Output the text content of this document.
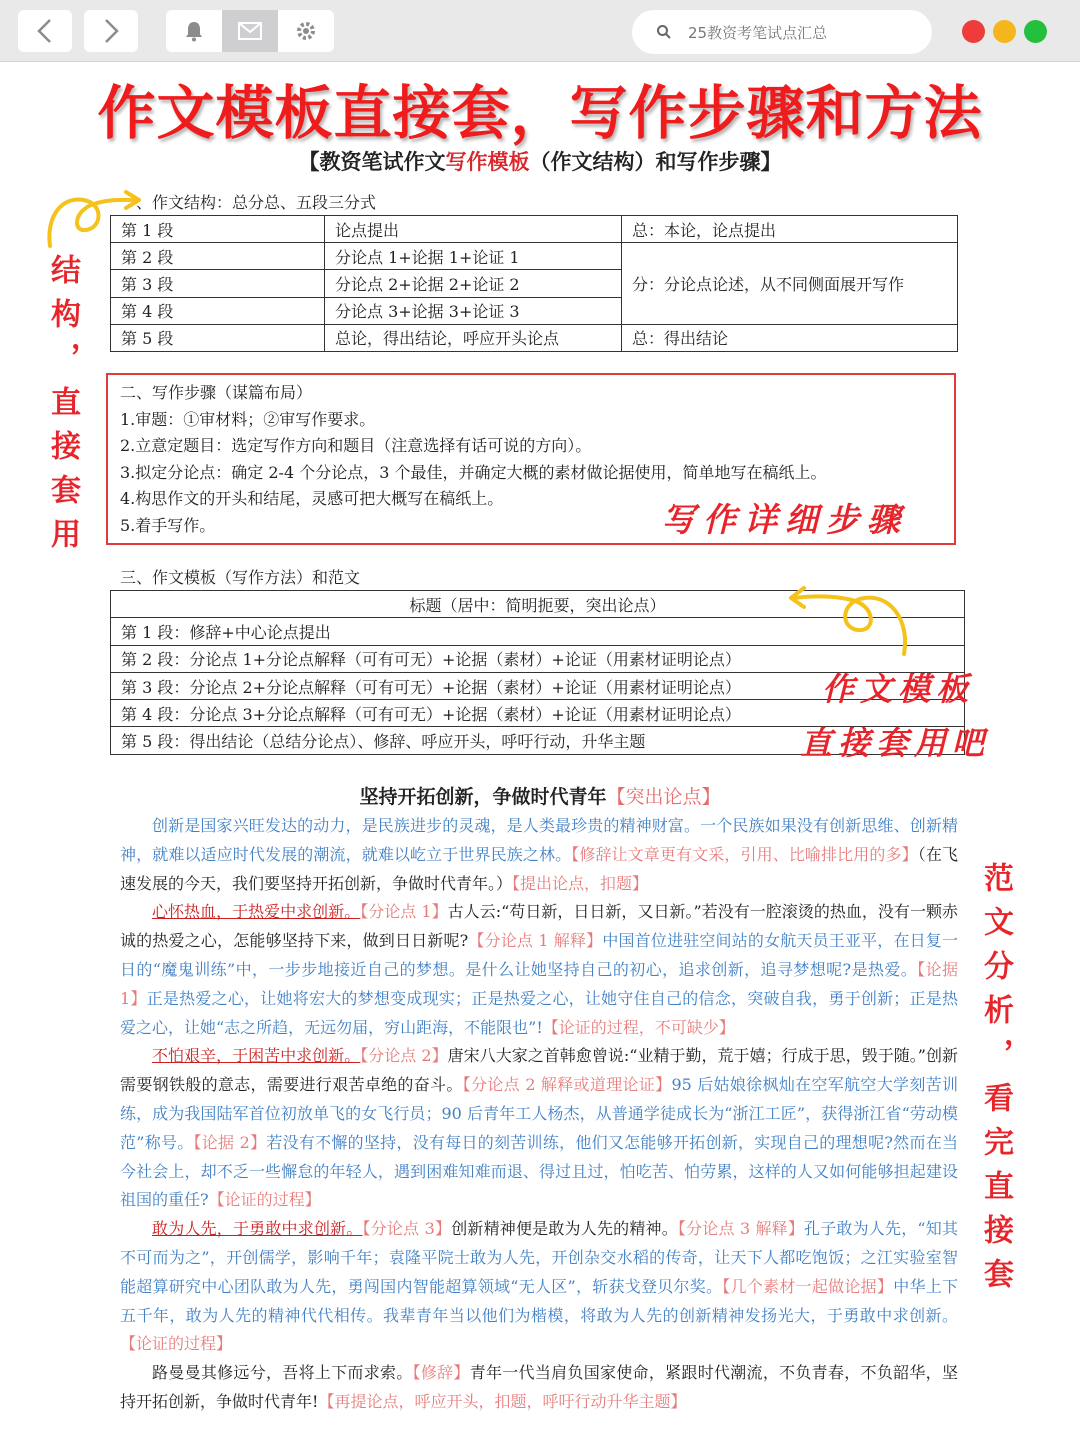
25教资考笔试点汇总
作文模板直接套，写作步骤和方法
【教资笔试作文写作模板（作文结构）和写作步骤】
、作文结构：总分总、五段三分式
第 1 段	论点提出	总：本论，论点提出
第 2 段	分论点 1+论据 1+论证 1	分：分论点论述，从不同侧面展开写作
第 3 段	分论点 2+论据 2+论证 2	
第 4 段	分论点 3+论据 3+论证 3	
第 5 段	总论，得出结论，呼应开头论点	总：得出结论
二、写作步骤（谋篇布局）
1.审题：①审材料；②审写作要求。
2.立意定题目：选定写作方向和题目（注意选择有话可说的方向）。
3.拟定分论点：确定 2-4 个分论点，3 个最佳，并确定大概的素材做论据使用，简单地写在稿纸上。
4.构思作文的开头和结尾，灵感可把大概写在稿纸上。
5.着手写作。
三、作文模板（写作方法）和范文
标题（居中：简明扼要，突出论点）
第 1 段：修辞+中心论点提出
第 2 段：分论点 1+分论点解释（可有可无）+论据（素材）+论证（用素材证明论点）
第 3 段：分论点 2+分论点解释（可有可无）+论据（素材）+论证（用素材证明论点）
第 4 段：分论点 3+分论点解释（可有可无）+论据（素材）+论证（用素材证明论点）
第 5 段：得出结论（总结分论点）、修辞、呼应开头，呼吁行动，升华主题
坚持开拓创新，争做时代青年【突出论点】

创新是国家兴旺发达的动力，是民族进步的灵魂，是人类最珍贵的精神财富。一个民族如果没有创新思维、创新精神，就难以适应时代发展的潮流，就难以屹立于世界民族之林。【修辞让文章更有文采，引用、比喻排比用的多】（在飞速发展的今天，我们要坚持开拓创新，争做时代青年。）【提出论点，扣题】

心怀热血，于热爱中求创新。【分论点 1】古人云:“苟日新，日日新，又日新。”若没有一腔滚烫的热血，没有一颗赤诚的热爱之心，怎能够坚持下来，做到日日新呢?【分论点 1 解释】中国首位进驻空间站的女航天员王亚平，在日复一日的“魔鬼训练”中，一步步地接近自己的梦想。是什么让她坚持自己的初心，追求创新，追寻梦想呢?是热爱。【论据 1】正是热爱之心，让她将宏大的梦想变成现实；正是热爱之心，让她守住自己的信念，突破自我，勇于创新；正是热爱之心，让她“志之所趋，无远勿届，穷山距海，不能限也”!【论证的过程，不可缺少】

不怕艰辛，于困苦中求创新。【分论点 2】唐宋八大家之首韩愈曾说:“业精于勤，荒于嬉；行成于思，毁于随。”创新需要钢铁般的意志，需要进行艰苦卓绝的奋斗。【分论点 2 解释或道理论证】95 后姑娘徐枫灿在空军航空大学刻苦训练，成为我国陆军首位初放单飞的女飞行员；90 后青年工人杨杰，从普通学徒成长为“浙江工匠”，获得浙江省“劳动模范”称号。【论据 2】若没有不懈的坚持，没有每日的刻苦训练，他们又怎能够开拓创新，实现自己的理想呢?然而在当今社会上，却不乏一些懈怠的年轻人，遇到困难知难而退、得过且过，怕吃苦、怕劳累，这样的人又如何能够担起建设祖国的重任?【论证的过程】

敢为人先，于勇敢中求创新。【分论点 3】创新精神便是敢为人先的精神。【分论点 3 解释】孔子敢为人先，“知其不可而为之”，开创儒学，影响千年；袁隆平院士敢为人先，开创杂交水稻的传奇，让天下人都吃饱饭；之江实验室智能超算研究中心团队敢为人先，勇闯国内智能超算领域“无人区”，斩获戈登贝尔奖。【几个素材一起做论据】中华上下五千年，敢为人先的精神代代相传。我辈青年当以他们为楷模，将敢为人先的创新精神发扬光大，于勇敢中求创新。【论证的过程】

路曼曼其修远兮，吾将上下而求索。【修辞】青年一代当肩负国家使命，紧跟时代潮流，不负青春，不负韶华，坚持开拓创新，争做时代青年!【再提论点，呼应开头，扣题，呼吁行动升华主题】

结构，直接套用	写作详细步骤
作文模板
直接套用吧
范文分析，看完直接套
